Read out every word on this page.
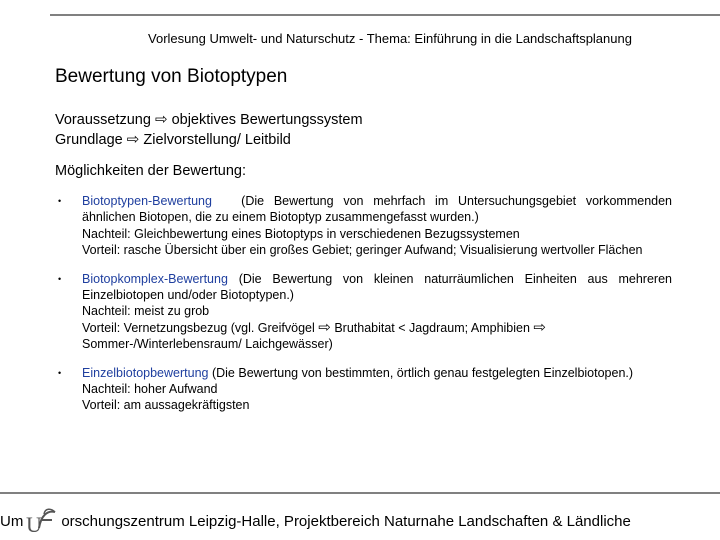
Vorlesung Umwelt- und Naturschutz - Thema: Einführung in die Landschaftsplanung
Bewertung von Biotoptypen
Voraussetzung ⇨ objektives Bewertungssystem
Grundlage ⇨ Zielvorstellung/ Leitbild
Möglichkeiten der Bewertung:
• Biotoptypen-Bewertung (Die Bewertung von mehrfach im Untersuchungsgebiet vorkommenden ähnlichen Biotopen, die zu einem Biotoptyp zusammengefasst wurden.)
Nachteil: Gleichbewertung eines Biotoptyps in verschiedenen Bezugssystemen
Vorteil: rasche Übersicht über ein großes Gebiet; geringer Aufwand; Visualisierung wertvoller Flächen
• Biotopkomplex-Bewertung (Die Bewertung von kleinen naturräumlichen Einheiten aus mehreren Einzelbiotopen und/oder Biotoptypen.)
Nachteil: meist zu grob
Vorteil: Vernetzungsbezug (vgl. Greifvögel ⇨ Bruthabitat < Jagdraum; Amphibien ⇨ Sommer-/Winterlebensraum/ Laichgewässer)
• Einzelbiotopbewertung (Die Bewertung von bestimmten, örtlich genau festgelegten Einzelbiotopen.)
Nachteil: hoher Aufwand
Vorteil: am aussagekräftigsten
Um U orschungszentrum Leipzig-Halle, Projektbereich Naturnahe Landschaften & Ländliche
